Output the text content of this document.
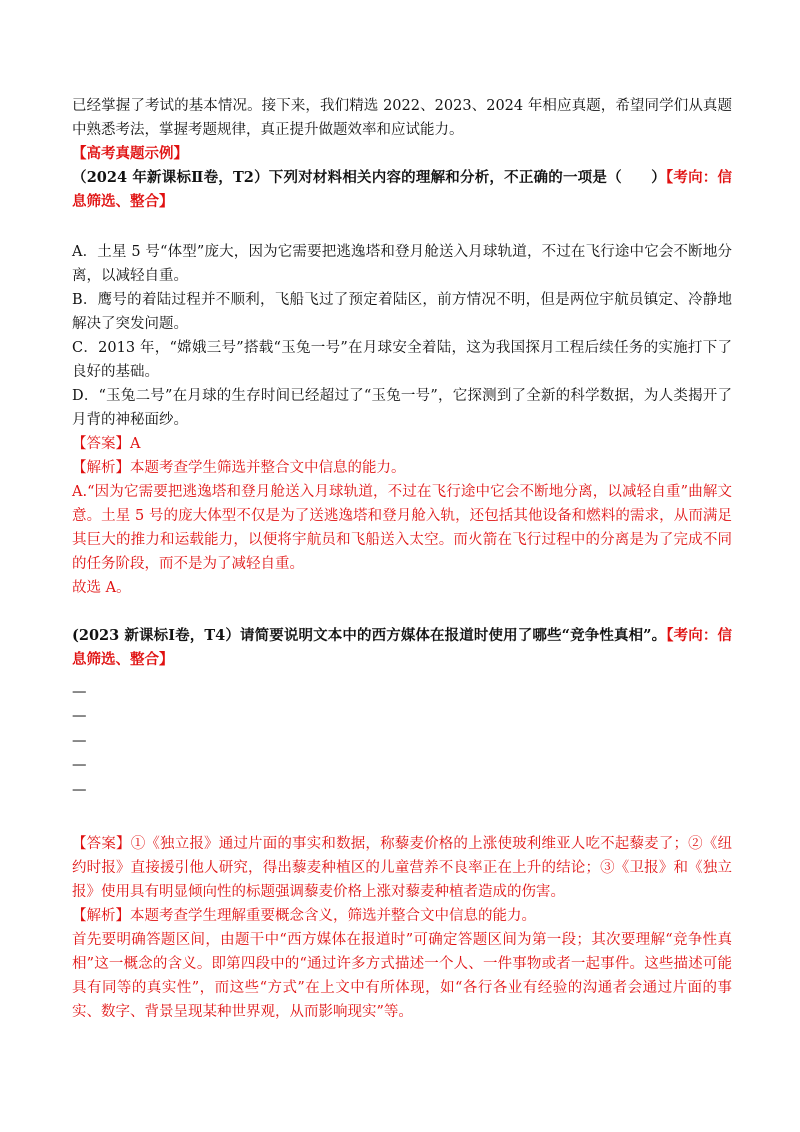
已经掌握了考试的基本情况。接下来，我们精选 2022、2023、2024 年相应真题，希望同学们从真题中熟悉考法，掌握考题规律，真正提升做题效率和应试能力。

【高考真题示例】

（2024 年新课标Ⅱ卷，T2）下列对材料相关内容的理解和分析，不正确的一项是（　　）【考向：信息筛选、整合】

A．土星 5 号“体型”庞大，因为它需要把逃逸塔和登月舱送入月球轨道，不过在飞行途中它会不断地分离，以减轻自重。

B．鹰号的着陆过程并不顺利，飞船飞过了预定着陆区，前方情况不明，但是两位宇航员镇定、冷静地解决了突发问题。

C．2013 年，“嫦娥三号”搭载“玉兔一号”在月球安全着陆，这为我国探月工程后续任务的实施打下了良好的基础。

D．“玉兔二号”在月球的生存时间已经超过了“玉兔一号”，它探测到了全新的科学数据，为人类揭开了月背的神秘面纱。

【答案】A

【解析】本题考查学生筛选并整合文中信息的能力。

A.“因为它需要把逃逸塔和登月舱送入月球轨道，不过在飞行途中它会不断地分离，以减轻自重”曲解文意。土星 5 号的庞大体型不仅是为了送逃逸塔和登月舱入轨，还包括其他设备和燃料的需求，从而满足其巨大的推力和运载能力，以便将宇航员和飞船送入太空。而火箭在飞行过程中的分离是为了完成不同的任务阶段，而不是为了减轻自重。

故选 A。

(2023 新课标Ⅰ卷，T4）请简要说明文本中的西方媒体在报道时使用了哪些“竞争性真相”。【考向：信息筛选、整合】

—
—
—
—
—

【答案】①《独立报》通过片面的事实和数据，称藜麦价格的上涨使玻利维亚人吃不起藜麦了；②《纽约时报》直接援引他人研究，得出藜麦种植区的儿童营养不良率正在上升的结论；③《卫报》和《独立报》使用具有明显倾向性的标题强调藜麦价格上涨对藜麦种植者造成的伤害。

【解析】本题考查学生理解重要概念含义，筛选并整合文中信息的能力。

首先要明确答题区间，由题干中“西方媒体在报道时”可确定答题区间为第一段；其次要理解“竞争性真相”这一概念的含义。即第四段中的“通过许多方式描述一个人、一件事物或者一起事件。这些描述可能具有同等的真实性”，而这些“方式”在上文中有所体现，如“各行各业有经验的沟通者会通过片面的事实、数字、背景呈现某种世界观，从而影响现实”等。
